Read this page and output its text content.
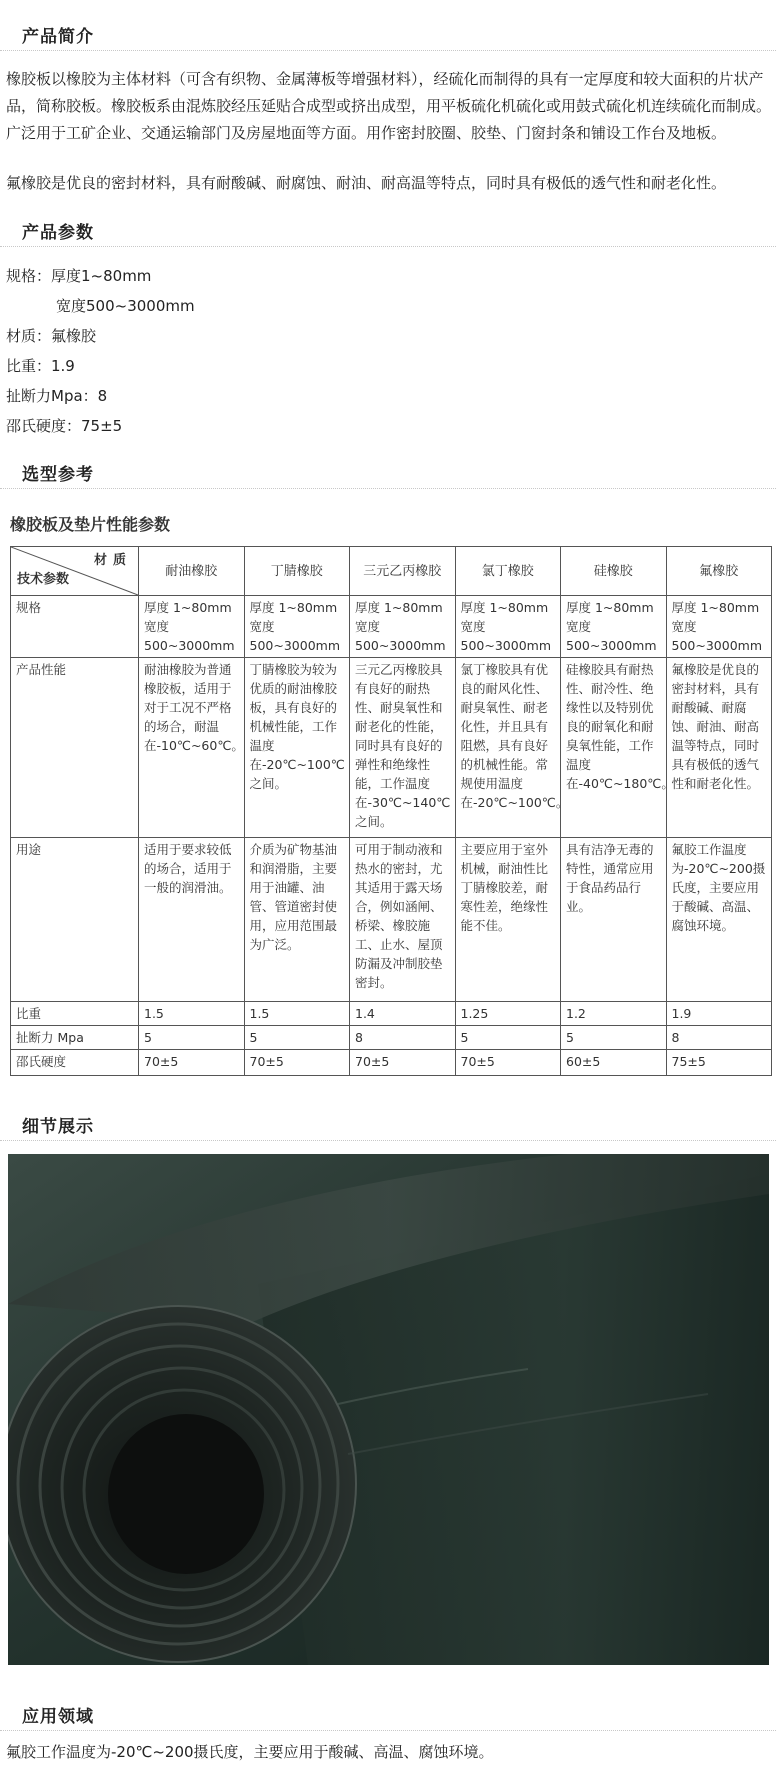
产品简介

橡胶板以橡胶为主体材料（可含有织物、金属薄板等增强材料），经硫化而制得的具有一定厚度和较大面积的片状产品，简称胶板。橡胶板系由混炼胶经压延贴合成型或挤出成型，用平板硫化机硫化或用鼓式硫化机连续硫化而制成。广泛用于工矿企业、交通运输部门及房屋地面等方面。用作密封胶圈、胶垫、门窗封条和铺设工作台及地板。

氟橡胶是优良的密封材料，具有耐酸碱、耐腐蚀、耐油、耐高温等特点，同时具有极低的透气性和耐老化性。

产品参数
规格：厚度1~80mm
宽度500~3000mm
材质：氟橡胶
比重：1.9
扯断力Mpa：8
邵氏硬度：75±5
选型参考
橡胶板及垫片性能参数
材质
技术参数	耐油橡胶	丁腈橡胶	三元乙丙橡胶	氯丁橡胶	硅橡胶	氟橡胶
规格	厚度 1~80mm 宽度 500~3000mm	厚度 1~80mm 宽度 500~3000mm	厚度 1~80mm 宽度 500~3000mm	厚度 1~80mm 宽度 500~3000mm	厚度 1~80mm 宽度 500~3000mm	厚度 1~80mm 宽度 500~3000mm
产品性能	耐油橡胶为普通橡胶板，适用于对于工况不严格的场合，耐温在-10℃~60℃。	丁腈橡胶为较为优质的耐油橡胶板，具有良好的机械性能，工作温度在-20℃~100℃之间。	三元乙丙橡胶具有良好的耐热性、耐臭氧性和耐老化的性能，同时具有良好的弹性和绝缘性能，工作温度在-30℃~140℃之间。	氯丁橡胶具有优良的耐风化性、耐臭氧性、耐老化性，并且具有阻燃，具有良好的机械性能。常规使用温度在-20℃~100℃。	硅橡胶具有耐热性、耐冷性、绝缘性以及特别优良的耐氧化和耐臭氧性能，工作温度在-40℃~180℃。	氟橡胶是优良的密封材料，具有耐酸碱、耐腐蚀、耐油、耐高温等特点，同时具有极低的透气性和耐老化性。
用途	适用于要求较低的场合，适用于一般的润滑油。	介质为矿物基油和润滑脂，主要用于油罐、油管、管道密封使用，应用范围最为广泛。	可用于制动液和热水的密封，尤其适用于露天场合，例如涵闸、桥梁、橡胶施工、止水、屋顶防漏及冲制胶垫密封。	主要应用于室外机械，耐油性比丁腈橡胶差，耐寒性差，绝缘性能不佳。	具有洁净无毒的特性，通常应用于食品药品行业。	氟胶工作温度为-20℃~200摄氏度，主要应用于酸碱、高温、腐蚀环境。
比重	1.5	1.5	1.4	1.25	1.2	1.9
扯断力 Mpa	5	5	8	5	5	8
邵氏硬度	70±5	70±5	70±5	70±5	60±5	75±5
细节展示
应用领域
氟胶工作温度为-20℃~200摄氏度，主要应用于酸碱、高温、腐蚀环境。
